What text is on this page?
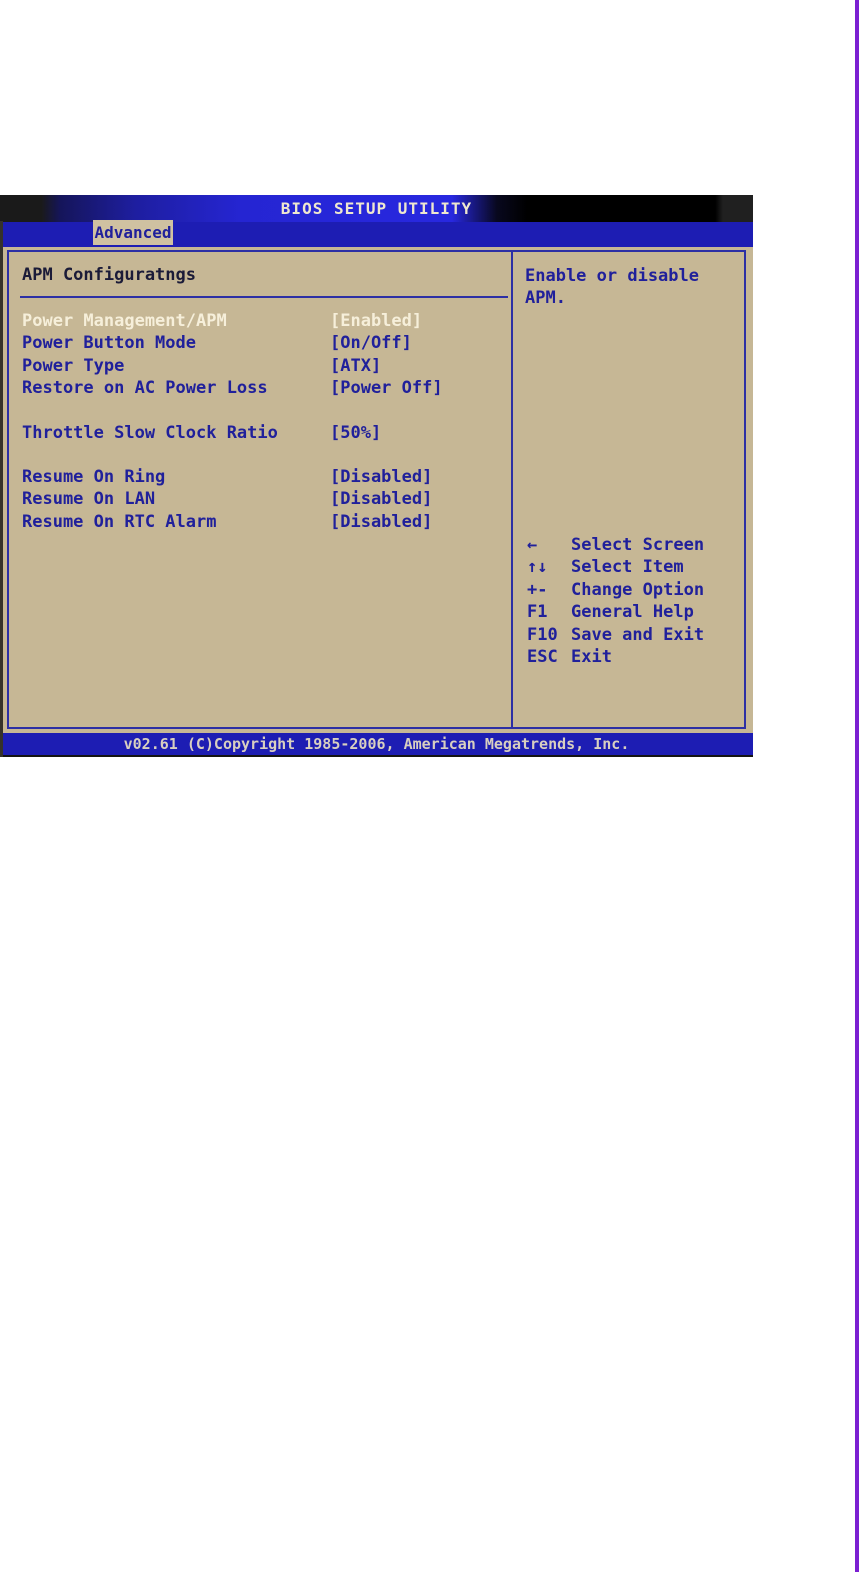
BIOS SETUP UTILITY
Advanced
APM Configuratngs
Power Management/APM	[Enabled]
Power Button Mode	[On/Off]
Power Type	[ATX]
Restore on AC Power Loss	[Power Off]
Throttle Slow Clock Ratio	[50%]
Resume On Ring	[Disabled]
Resume On LAN	[Disabled]
Resume On RTC Alarm	[Disabled]
Enable or disable
APM.
← Select Screen
↑↓ Select Item
+- Change Option
F1 General Help
F10 Save and Exit
ESC Exit
v02.61 (C)Copyright 1985-2006, American Megatrends, Inc.
